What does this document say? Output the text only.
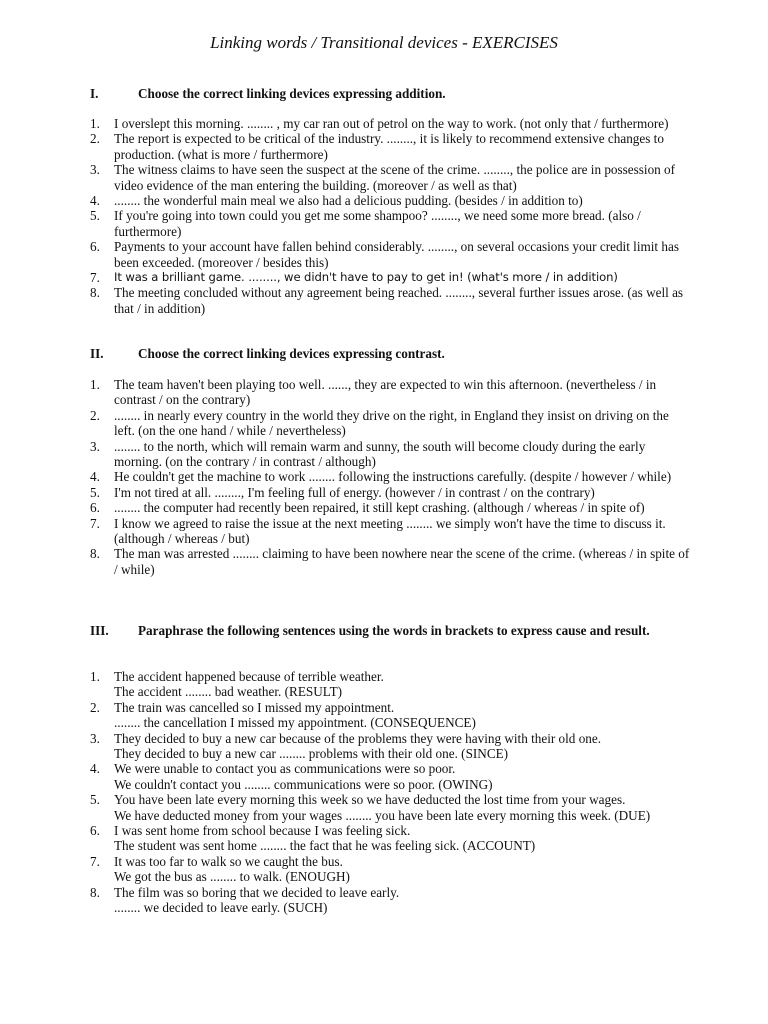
Linking words / Transitional devices - EXERCISES
I.	Choose the correct linking devices expressing addition.
1. I overslept this morning. ........ , my car ran out of petrol on the way to work. (not only that / furthermore)
2. The report is expected to be critical of the industry. ........, it is likely to recommend extensive changes to production. (what is more / furthermore)
3. The witness claims to have seen the suspect at the scene of the crime. ........, the police are in possession of video evidence of the man entering the building. (moreover / as well as that)
4. ........ the wonderful main meal we also had a delicious pudding. (besides / in addition to)
5. If you're going into town could you get me some shampoo? ........, we need some more bread. (also / furthermore)
6. Payments to your account have fallen behind considerably. ........, on several occasions your credit limit has been exceeded. (moreover / besides this)
7. It was a brilliant game. ........, we didn't have to pay to get in! (what's more / in addition)
8. The meeting concluded without any agreement being reached. ........, several further issues arose. (as well as that / in addition)
II.	Choose the correct linking devices expressing contrast.
1. The team haven't been playing too well. ......, they are expected to win this afternoon. (nevertheless / in contrast / on the contrary)
2. ........ in nearly every country in the world they drive on the right, in England they insist on driving on the left. (on the one hand / while / nevertheless)
3. ........ to the north, which will remain warm and sunny, the south will become cloudy during the early morning. (on the contrary / in contrast / although)
4. He couldn't get the machine to work ........ following the instructions carefully. (despite / however / while)
5. I'm not tired at all. ........, I'm feeling full of energy. (however / in contrast / on the contrary)
6. ........ the computer had recently been repaired, it still kept crashing. (although / whereas / in spite of)
7. I know we agreed to raise the issue at the next meeting ........ we simply won't have the time to discuss it. (although / whereas / but)
8. The man was arrested ........ claiming to have been nowhere near the scene of the crime. (whereas / in spite of / while)
III. Paraphrase the following sentences using the words in brackets to express cause and result.
1. The accident happened because of terrible weather.
The accident ........ bad weather. (RESULT)
2. The train was cancelled so I missed my appointment.
........ the cancellation I missed my appointment. (CONSEQUENCE)
3. They decided to buy a new car because of the problems they were having with their old one.
They decided to buy a new car ........ problems with their old one. (SINCE)
4. We were unable to contact you as communications were so poor.
We couldn't contact you ........ communications were so poor. (OWING)
5. You have been late every morning this week so we have deducted the lost time from your wages.
We have deducted money from your wages ........ you have been late every morning this week. (DUE)
6. I was sent home from school because I was feeling sick.
The student was sent home ........ the fact that he was feeling sick. (ACCOUNT)
7. It was too far to walk so we caught the bus.
We got the bus as ........ to walk. (ENOUGH)
8. The film was so boring that we decided to leave early.
........ we decided to leave early. (SUCH)
